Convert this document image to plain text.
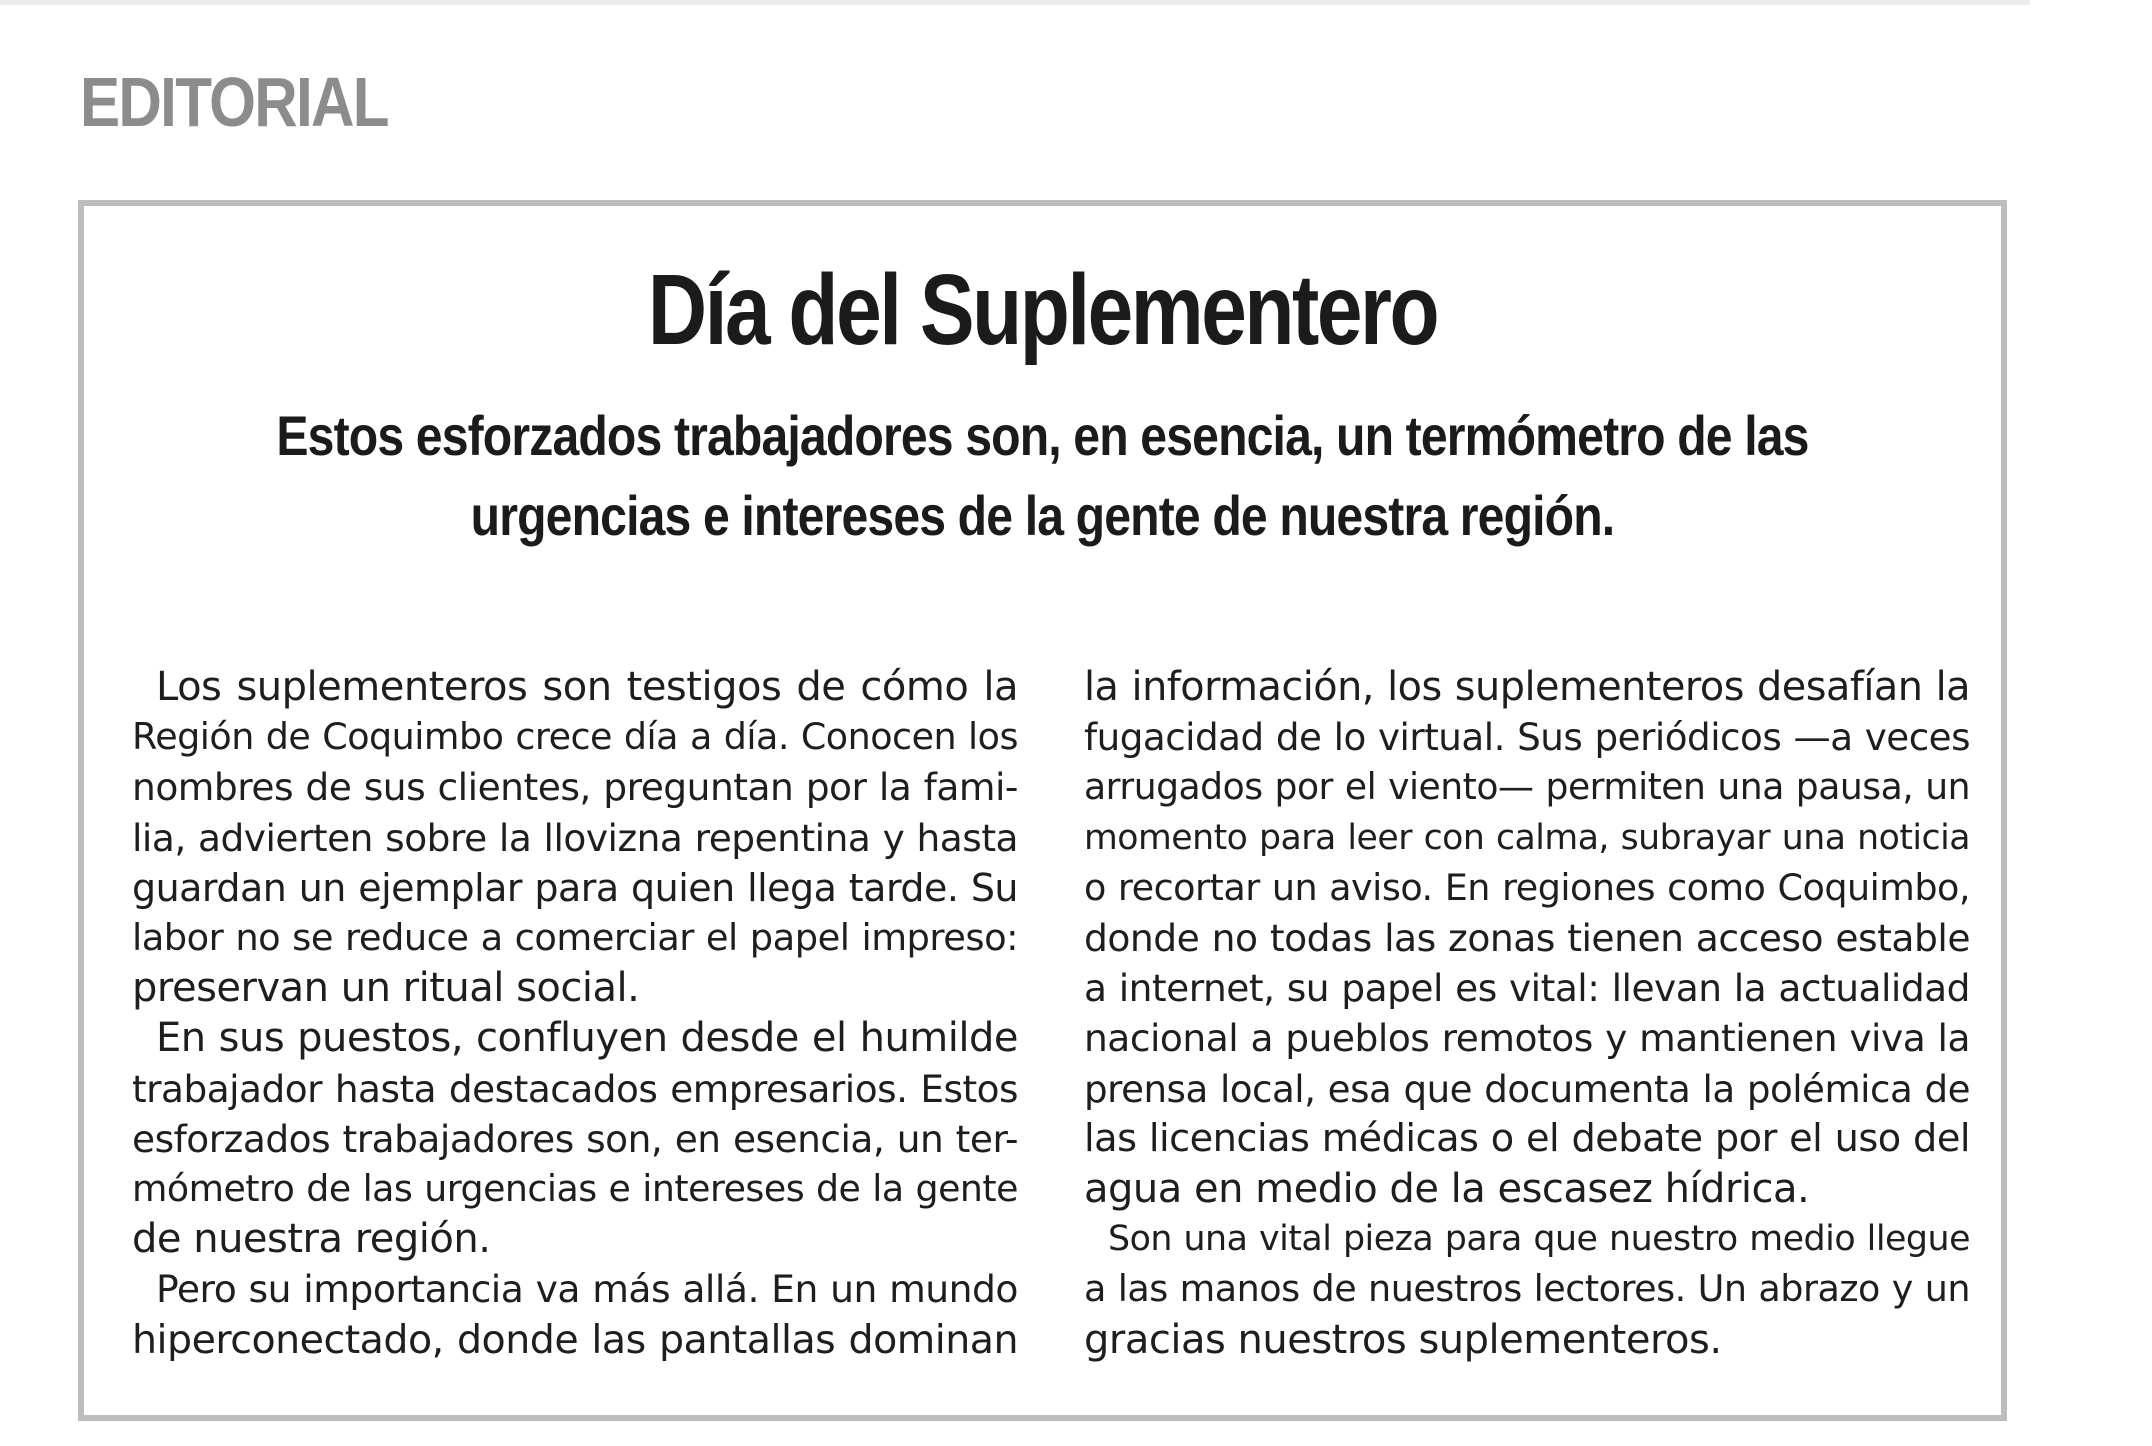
EDITORIAL
Día del Suplementero
Estos esforzados trabajadores son, en esencia, un termómetro de las
urgencias e intereses de la gente de nuestra región.
Los suplementeros son testigos de cómo la
Región de Coquimbo crece día a día. Conocen los
nombres de sus clientes, preguntan por la fami-
lia, advierten sobre la llovizna repentina y hasta
guardan un ejemplar para quien llega tarde. Su
labor no se reduce a comerciar el papel impreso:
preservan un ritual social.
En sus puestos, confluyen desde el humilde
trabajador hasta destacados empresarios. Estos
esforzados trabajadores son, en esencia, un ter-
mómetro de las urgencias e intereses de la gente
de nuestra región.
Pero su importancia va más allá. En un mundo
hiperconectado, donde las pantallas dominan
la información, los suplementeros desafían la
fugacidad de lo virtual. Sus periódicos —a veces
arrugados por el viento— permiten una pausa, un
momento para leer con calma, subrayar una noticia
o recortar un aviso. En regiones como Coquimbo,
donde no todas las zonas tienen acceso estable
a internet, su papel es vital: llevan la actualidad
nacional a pueblos remotos y mantienen viva la
prensa local, esa que documenta la polémica de
las licencias médicas o el debate por el uso del
agua en medio de la escasez hídrica.
Son una vital pieza para que nuestro medio llegue
a las manos de nuestros lectores. Un abrazo y un
gracias nuestros suplementeros.
